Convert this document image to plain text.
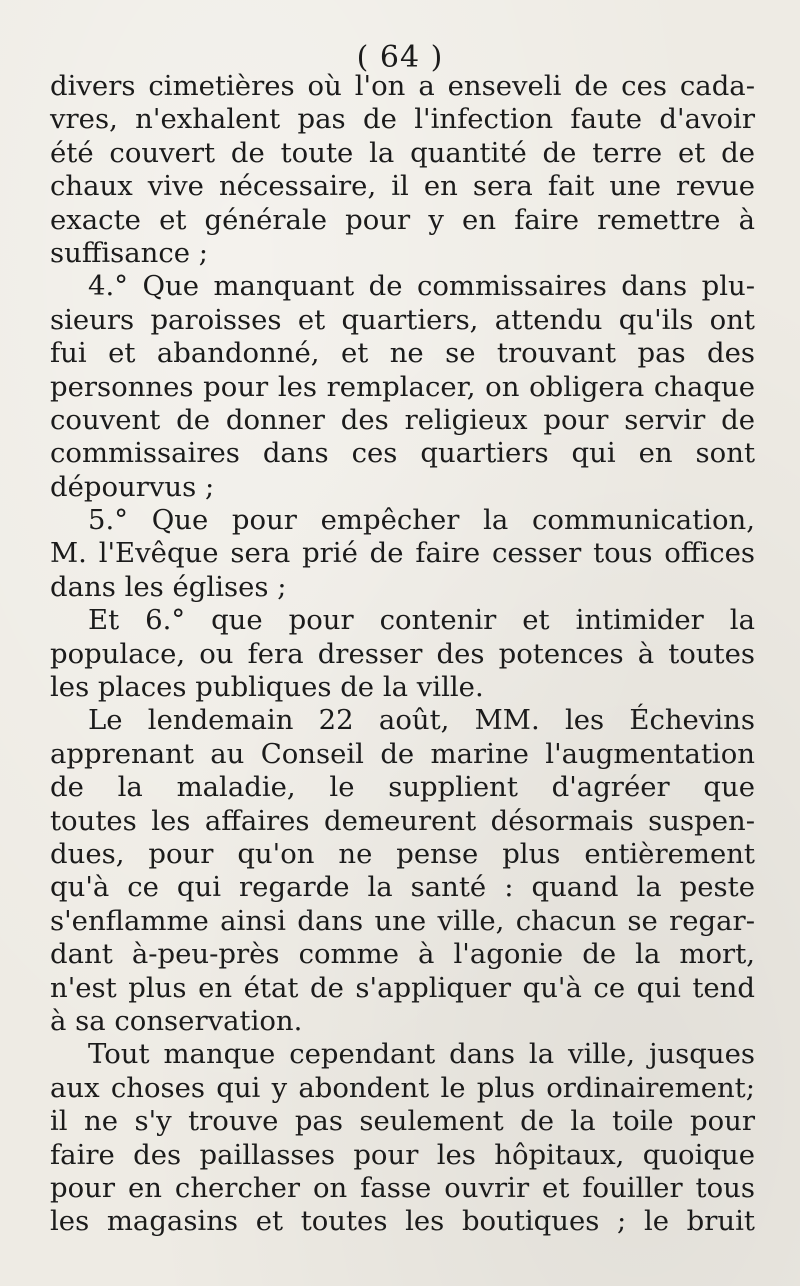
( 64 )
divers cimetières où l'on a enseveli de ces cada-
vres, n'exhalent pas de l'infection faute d'avoir
été couvert de toute la quantité de terre et de
chaux vive nécessaire, il en sera fait une revue
exacte et générale pour y en faire remettre à
suffisance ;
4.° Que manquant de commissaires dans plu-
sieurs paroisses et quartiers, attendu qu'ils ont
fui et abandonné, et ne se trouvant pas des
personnes pour les remplacer, on obligera chaque
couvent de donner des religieux pour servir de
commissaires dans ces quartiers qui en sont
dépourvus ;
5.° Que pour empêcher la communication,
M. l'Evêque sera prié de faire cesser tous offices
dans les églises ;
Et 6.° que pour contenir et intimider la
populace, ou fera dresser des potences à toutes
les places publiques de la ville.
Le lendemain 22 août, MM. les Échevins
apprenant au Conseil de marine l'augmentation
de la maladie, le supplient d'agréer que
toutes les affaires demeurent désormais suspen-
dues, pour qu'on ne pense plus entièrement
qu'à ce qui regarde la santé : quand la peste
s'enflamme ainsi dans une ville, chacun se regar-
dant à-peu-près comme à l'agonie de la mort,
n'est plus en état de s'appliquer qu'à ce qui tend
à sa conservation.
Tout manque cependant dans la ville, jusques
aux choses qui y abondent le plus ordinairement;
il ne s'y trouve pas seulement de la toile pour
faire des paillasses pour les hôpitaux, quoique
pour en chercher on fasse ouvrir et fouiller tous
les magasins et toutes les boutiques ; le bruit
